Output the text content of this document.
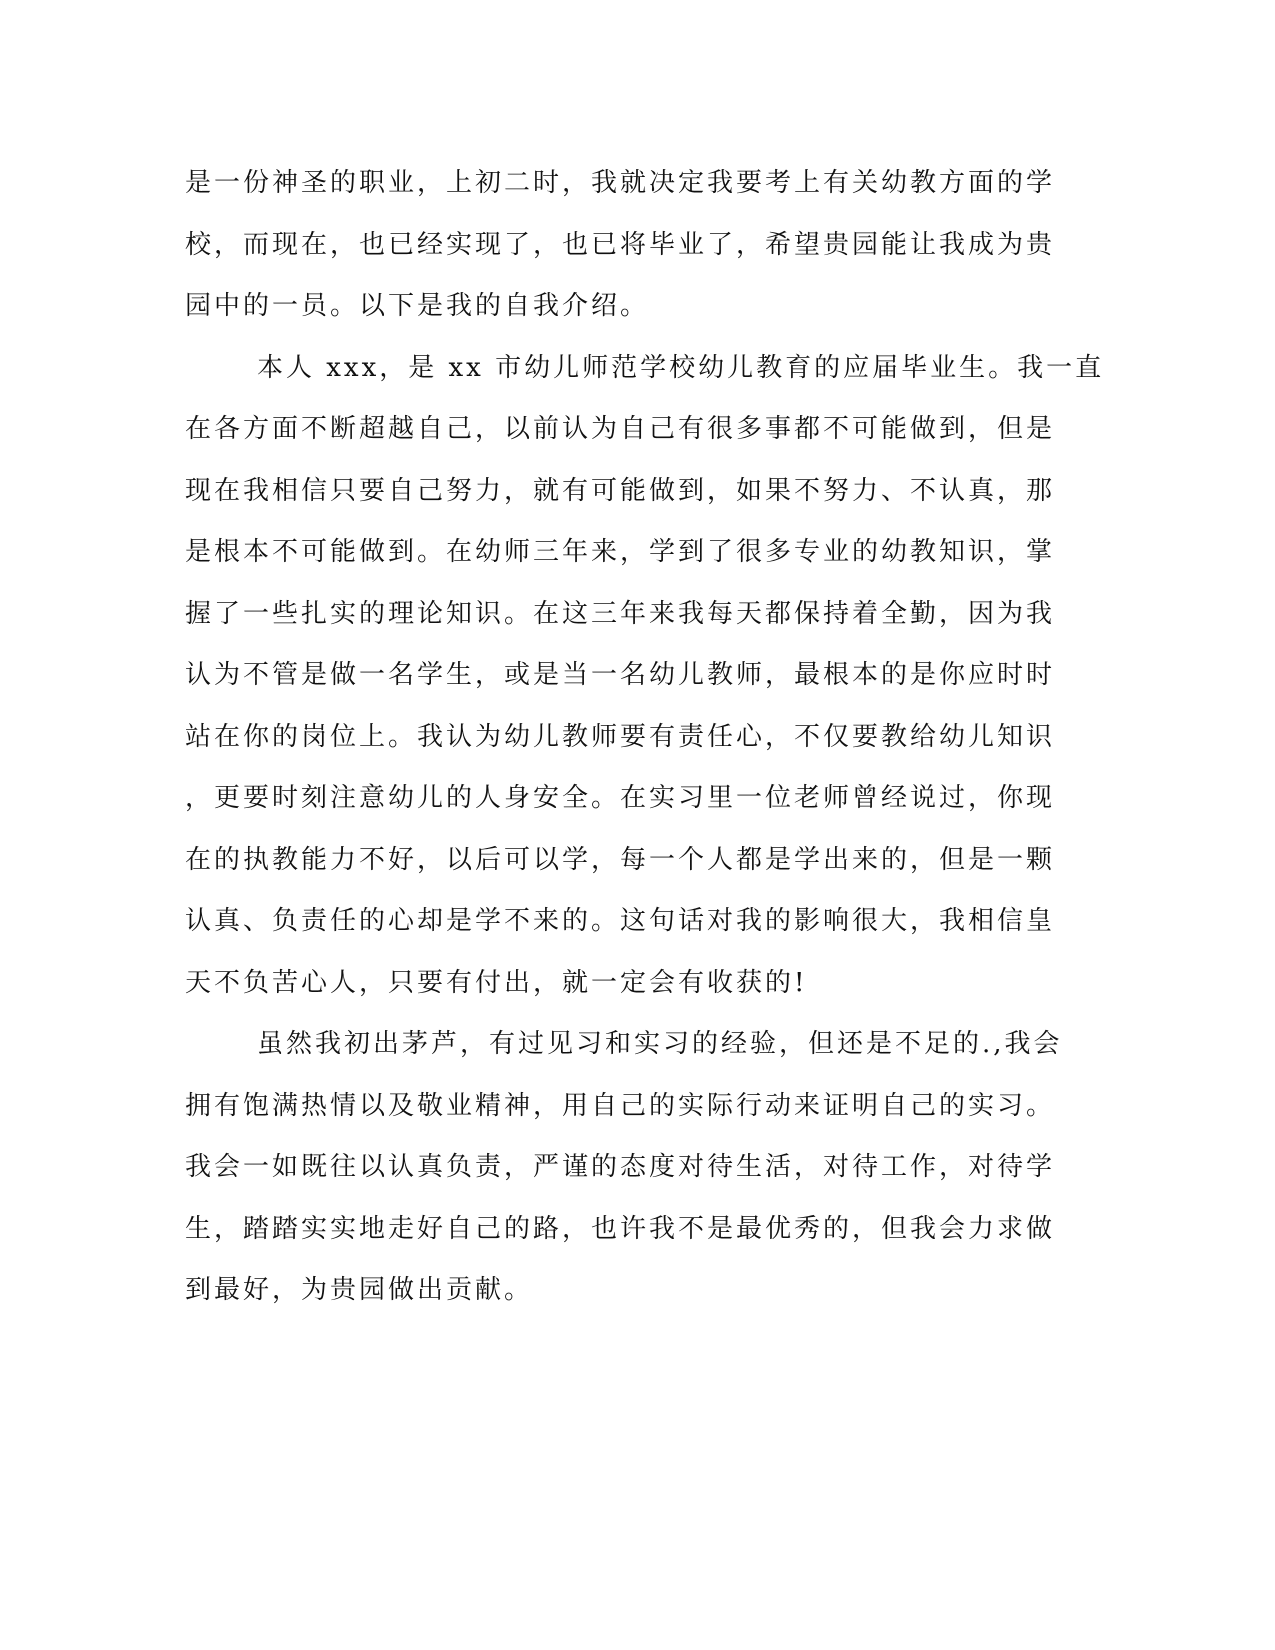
是一份神圣的职业，上初二时，我就决定我要考上有关幼教方面的学
校，而现在，也已经实现了，也已将毕业了，希望贵园能让我成为贵
园中的一员。以下是我的自我介绍。
本人 xxx，是 xx 市幼儿师范学校幼儿教育的应届毕业生。我一直
在各方面不断超越自己，以前认为自己有很多事都不可能做到，但是
现在我相信只要自己努力，就有可能做到，如果不努力、不认真，那
是根本不可能做到。在幼师三年来，学到了很多专业的幼教知识，掌
握了一些扎实的理论知识。在这三年来我每天都保持着全勤，因为我
认为不管是做一名学生，或是当一名幼儿教师，最根本的是你应时时
站在你的岗位上。我认为幼儿教师要有责任心，不仅要教给幼儿知识
，更要时刻注意幼儿的人身安全。在实习里一位老师曾经说过，你现
在的执教能力不好，以后可以学，每一个人都是学出来的，但是一颗
认真、负责任的心却是学不来的。这句话对我的影响很大，我相信皇
天不负苦心人，只要有付出，就一定会有收获的!
虽然我初出茅芦，有过见习和实习的经验，但还是不足的.,我会
拥有饱满热情以及敬业精神，用自己的实际行动来证明自己的实习。
我会一如既往以认真负责，严谨的态度对待生活，对待工作，对待学
生，踏踏实实地走好自己的路，也许我不是最优秀的，但我会力求做
到最好，为贵园做出贡献。
